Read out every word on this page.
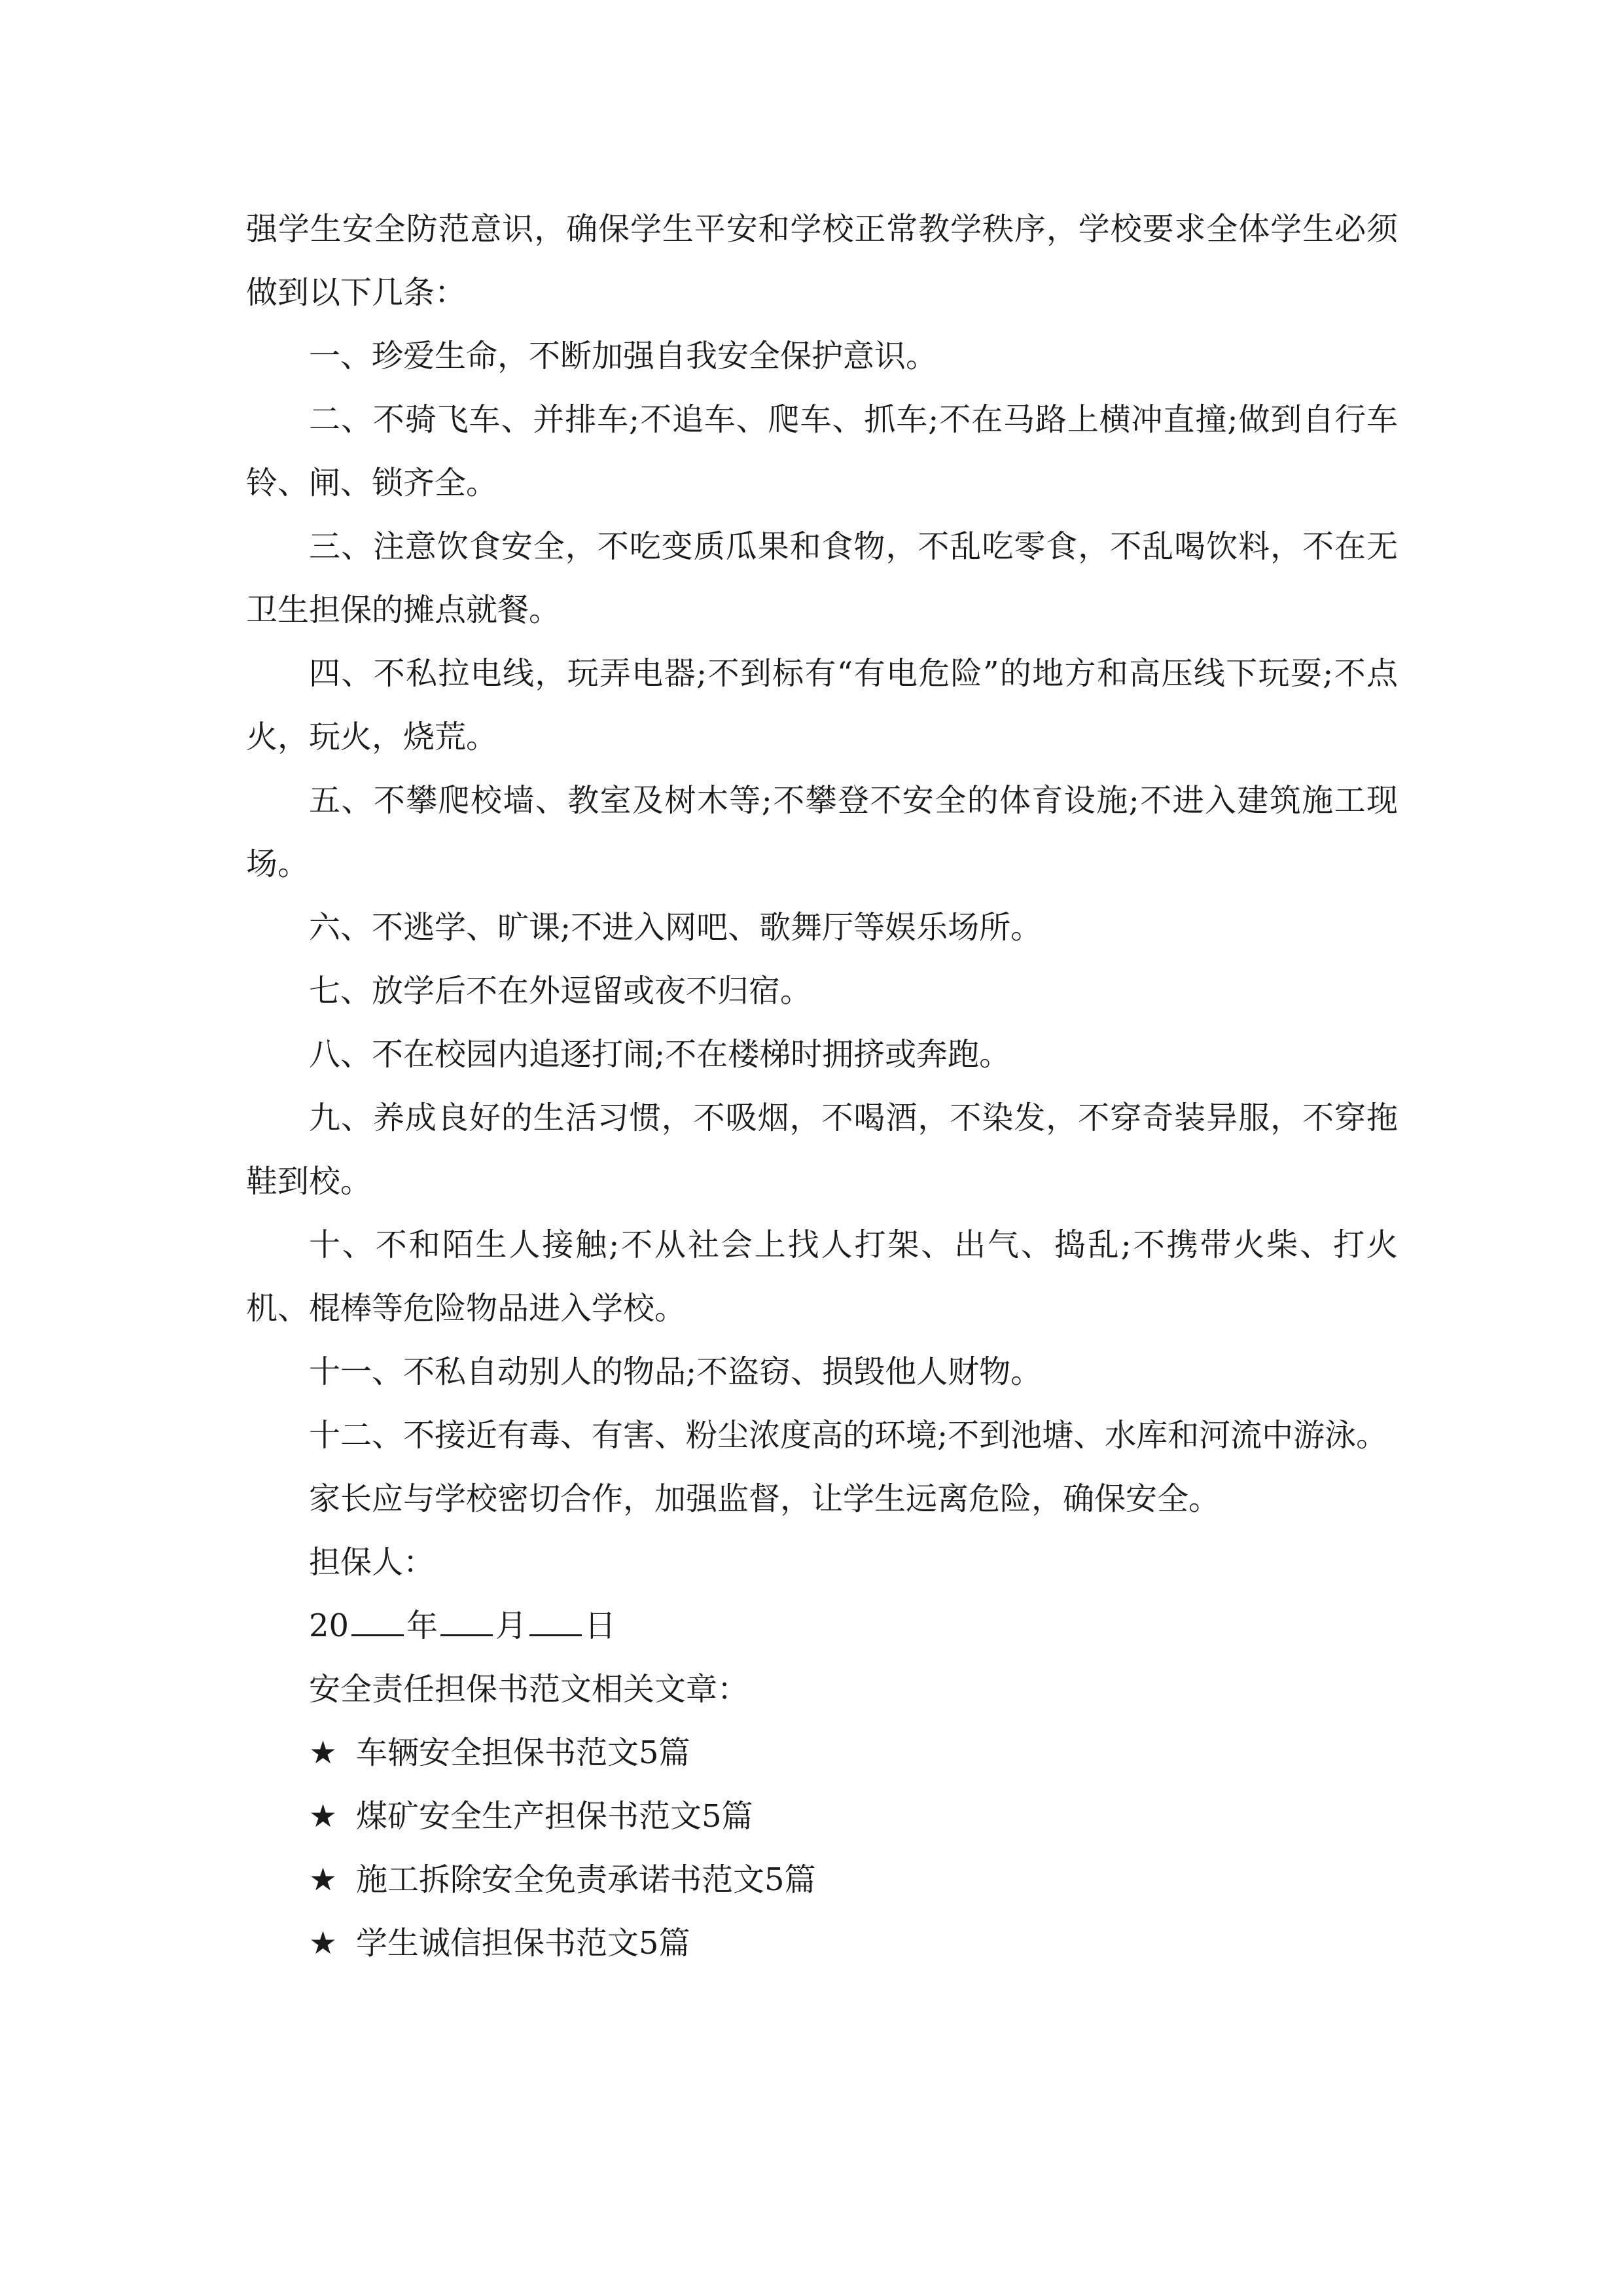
强学生安全防范意识，确保学生平安和学校正常教学秩序，学校要求全体学生必须做到以下几条：

一、珍爱生命，不断加强自我安全保护意识。

二、不骑飞车、并排车;不追车、爬车、抓车;不在马路上横冲直撞;做到自行车铃、闸、锁齐全。

三、注意饮食安全，不吃变质瓜果和食物，不乱吃零食，不乱喝饮料，不在无卫生担保的摊点就餐。

四、不私拉电线，玩弄电器;不到标有“有电危险”的地方和高压线下玩耍;不点火，玩火，烧荒。

五、不攀爬校墙、教室及树木等;不攀登不安全的体育设施;不进入建筑施工现场。

六、不逃学、旷课;不进入网吧、歌舞厅等娱乐场所。

七、放学后不在外逗留或夜不归宿。

八、不在校园内追逐打闹;不在楼梯时拥挤或奔跑。

九、养成良好的生活习惯，不吸烟，不喝酒，不染发，不穿奇装异服，不穿拖鞋到校。

十、不和陌生人接触;不从社会上找人打架、出气、捣乱;不携带火柴、打火机、棍棒等危险物品进入学校。

十一、不私自动别人的物品;不盗窃、损毁他人财物。

十二、不接近有毒、有害、粉尘浓度高的环境;不到池塘、水库和河流中游泳。

家长应与学校密切合作，加强监督，让学生远离危险，确保安全。

担保人：

20 年 月 日

安全责任担保书范文相关文章：

★ 车辆安全担保书范文5篇

★ 煤矿安全生产担保书范文5篇

★ 施工拆除安全免责承诺书范文5篇

★ 学生诚信担保书范文5篇
